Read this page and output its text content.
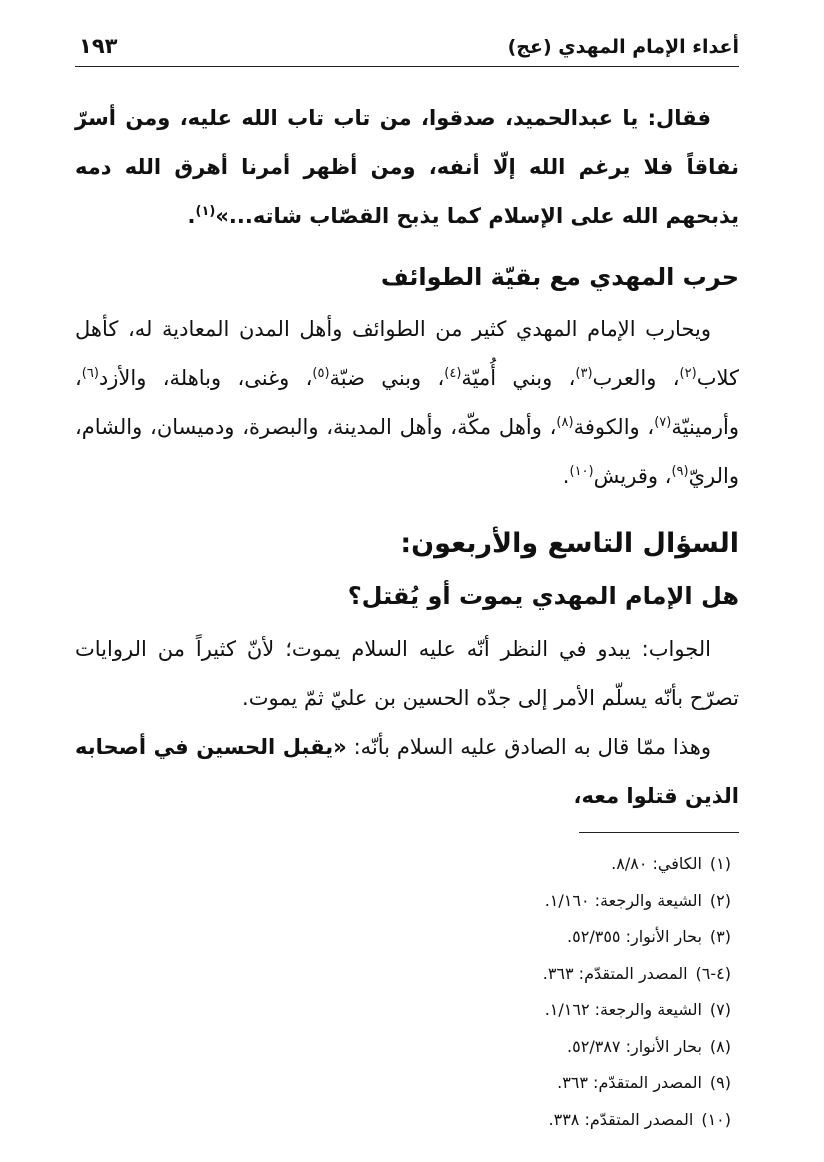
أعداء الإمام المهدي (عج)
١٩٣

فقال: يا عبدالحميد، صدقوا، من تاب تاب الله عليه، ومن أسرّ نفاقاً فلا يرغم الله إلّا أنفه، ومن أظهر أمرنا أهرق الله دمه يذبحهم الله على الإسلام كما يذبح القصّاب شاته...»$^{(١)}$.

حرب المهدي مع بقيّة الطوائف

ويحارب الإمام المهدي كثير من الطوائف وأهل المدن المعادية له، كأهل كلاب$^{(٢)}$، والعرب$^{(٣)}$، وبني أُميّة$^{(٤)}$، وبني ضبّة$^{(٥)}$، وغنى، وباهلة، والأزد$^{(٦)}$، وأرمينيّة$^{(٧)}$، والكوفة$^{(٨)}$، وأهل مكّة، وأهل المدينة، والبصرة، ودميسان، والشام، والريّ$^{(٩)}$، وقريش$^{(١٠)}$.

السؤال التاسع والأربعون:
هل الإمام المهدي يموت أو يُقتل؟

الجواب: يبدو في النظر أنّه عليه السلام يموت؛ لأنّ كثيراً من الروايات تصرّح بأنّه يسلّم الأمر إلى جدّه الحسين بن عليّ ثمّ يموت.

وهذا ممّا قال به الصادق عليه السلام بأنّه: «يقبل الحسين في أصحابه الذين قتلوا معه،

(١)الكافي: ٨/٨٠.
(٢)الشيعة والرجعة: ١/١٦٠.
(٣)بحار الأنوار: ٥٢/٣٥٥.
(٤-٦)المصدر المتقدّم: ٣٦٣.
(٧)الشيعة والرجعة: ١/١٦٢.
(٨)بحار الأنوار: ٥٢/٣٨٧.
(٩)المصدر المتقدّم: ٣٦٣.
(١٠)المصدر المتقدّم: ٣٣٨.
